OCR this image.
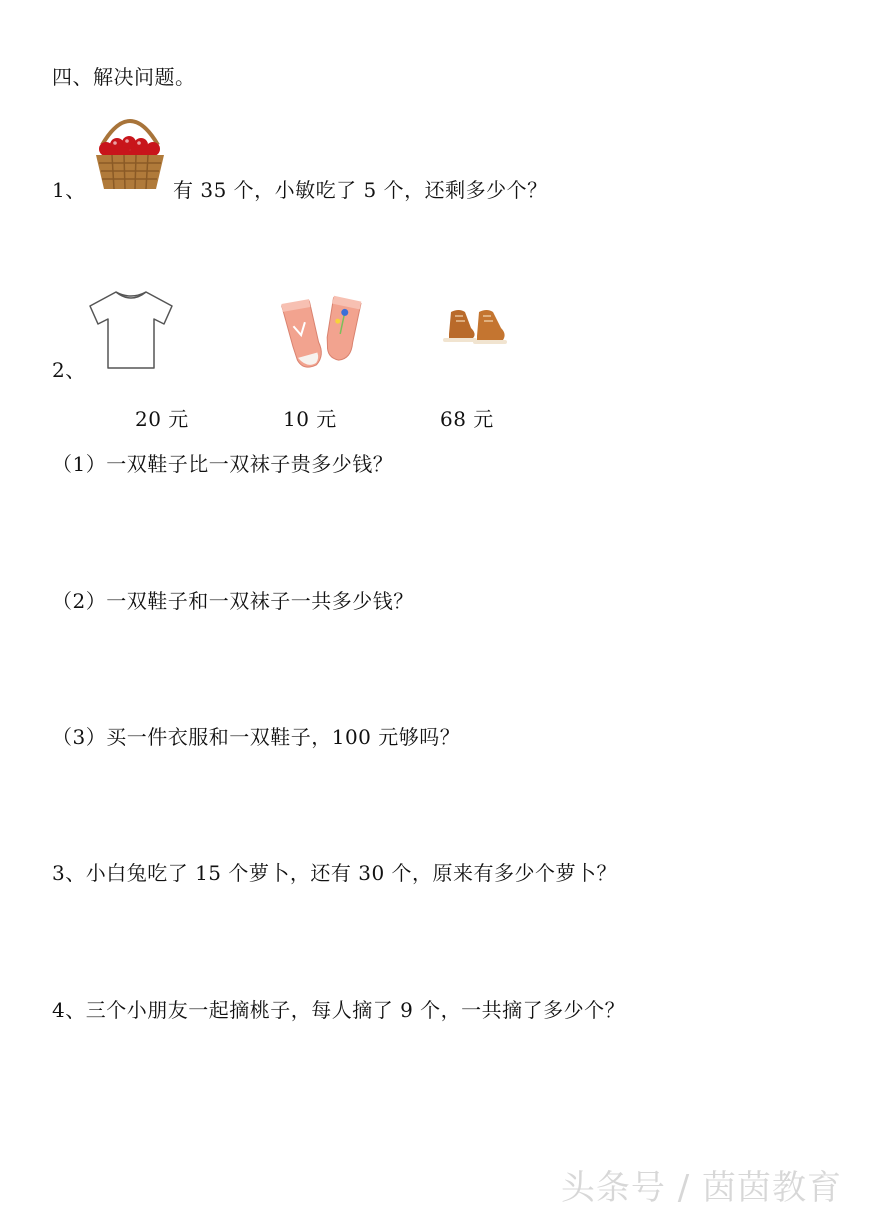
四、解决问题。
1、	有 35 个，小敏吃了 5 个，还剩多少个？
2、
20 元	10 元	68 元
（1）一双鞋子比一双袜子贵多少钱？
（2）一双鞋子和一双袜子一共多少钱？
（3）买一件衣服和一双鞋子，100 元够吗？
3、小白兔吃了 15 个萝卜，还有 30 个，原来有多少个萝卜？
4、三个小朋友一起摘桃子，每人摘了 9 个，一共摘了多少个？
头条号 / 茵茵教育
